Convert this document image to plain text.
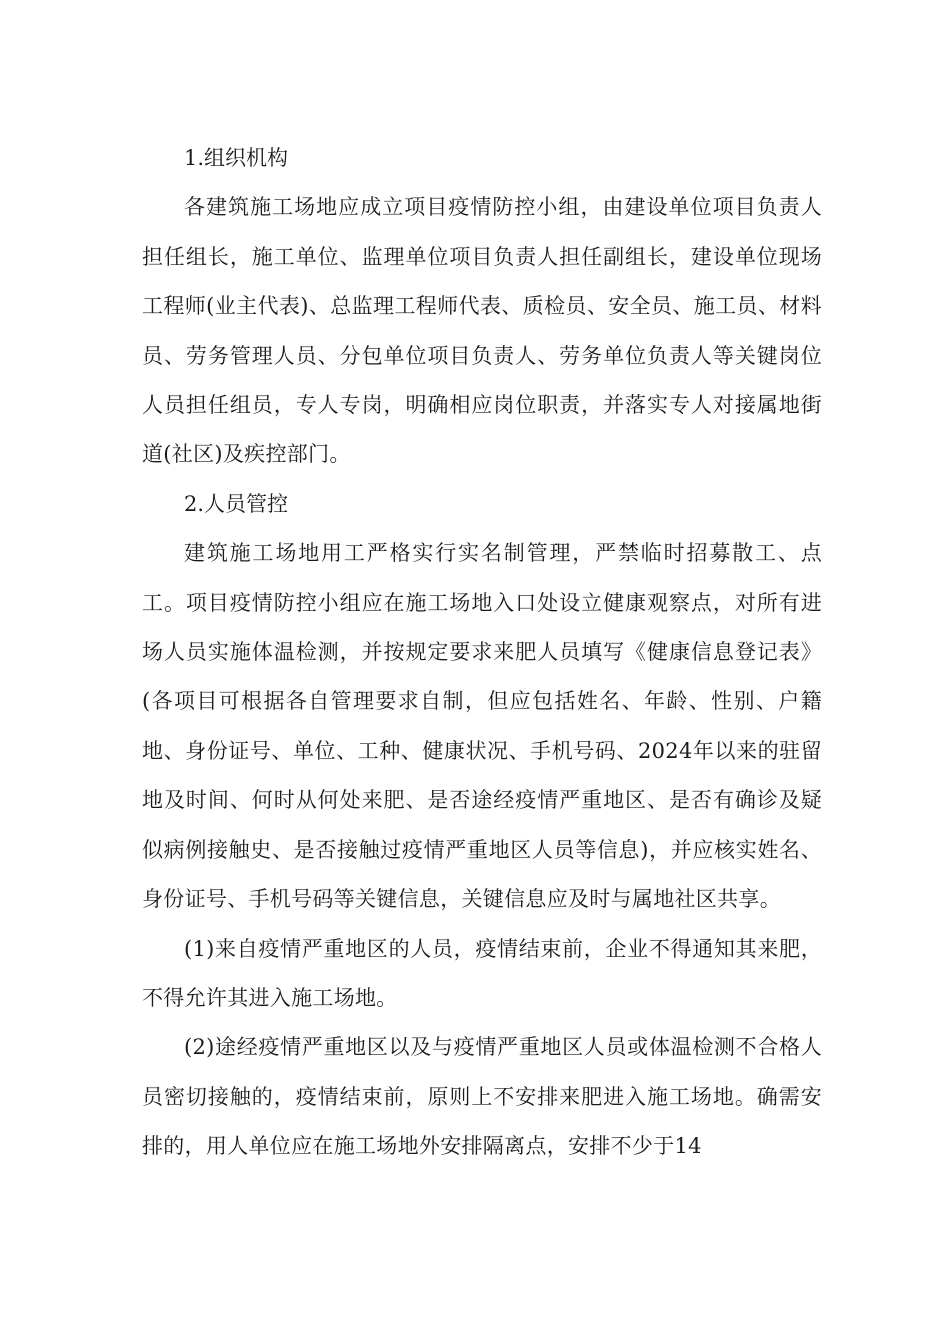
1.组织机构

各建筑施工场地应成立项目疫情防控小组，由建设单位项目负责人担任组长，施工单位、监理单位项目负责人担任副组长，建设单位现场工程师(业主代表)、总监理工程师代表、质检员、安全员、施工员、材料员、劳务管理人员、分包单位项目负责人、劳务单位负责人等关键岗位人员担任组员，专人专岗，明确相应岗位职责，并落实专人对接属地街道(社区)及疾控部门。

2.人员管控

建筑施工场地用工严格实行实名制管理，严禁临时招募散工、点工。项目疫情防控小组应在施工场地入口处设立健康观察点，对所有进场人员实施体温检测，并按规定要求来肥人员填写《健康信息登记表》(各项目可根据各自管理要求自制，但应包括姓名、年龄、性别、户籍地、身份证号、单位、工种、健康状况、手机号码、2024年以来的驻留地及时间、何时从何处来肥、是否途经疫情严重地区、是否有确诊及疑似病例接触史、是否接触过疫情严重地区人员等信息)，并应核实姓名、身份证号、手机号码等关键信息，关键信息应及时与属地社区共享。

(1)来自疫情严重地区的人员，疫情结束前，企业不得通知其来肥，不得允许其进入施工场地。

(2)途经疫情严重地区以及与疫情严重地区人员或体温检测不合格人员密切接触的，疫情结束前，原则上不安排来肥进入施工场地。确需安排的，用人单位应在施工场地外安排隔离点，安排不少于14
